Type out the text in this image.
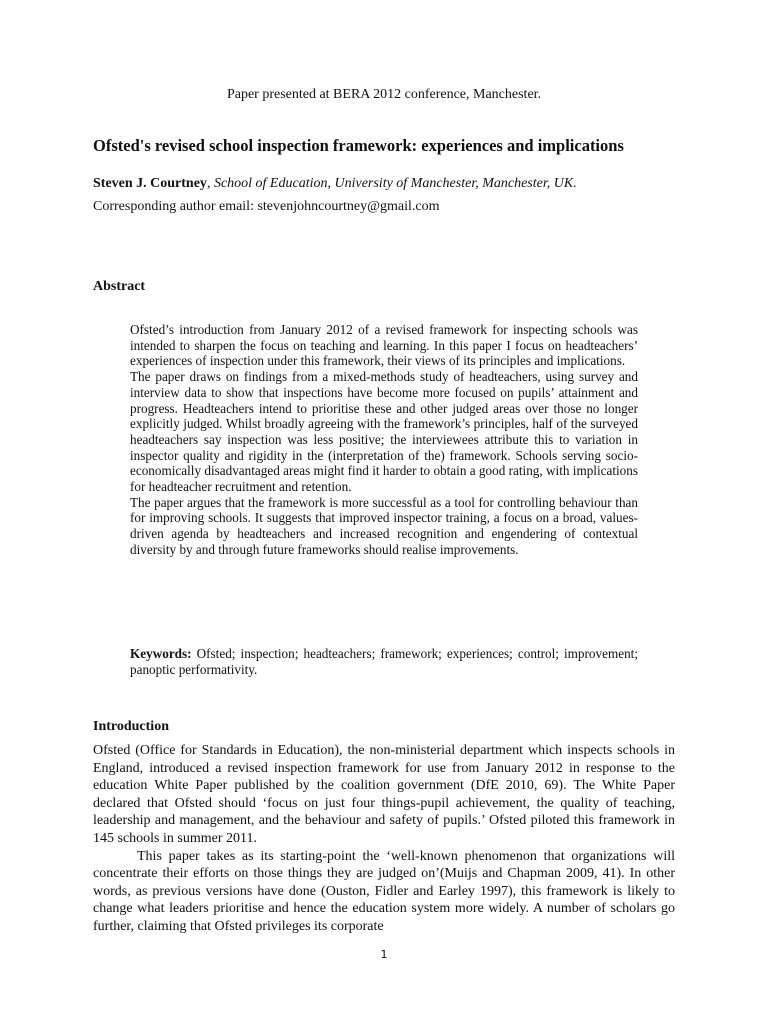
Paper presented at BERA 2012 conference, Manchester.
Ofsted's revised school inspection framework: experiences and implications
Steven J. Courtney, School of Education, University of Manchester, Manchester, UK.
Corresponding author email: stevenjohncourtney@gmail.com
Abstract

Ofsted’s introduction from January 2012 of a revised framework for inspecting schools was intended to sharpen the focus on teaching and learning. In this paper I focus on headteachers’ experiences of inspection under this framework, their views of its principles and implications.

The paper draws on findings from a mixed-methods study of headteachers, using survey and interview data to show that inspections have become more focused on pupils’ attainment and progress. Headteachers intend to prioritise these and other judged areas over those no longer explicitly judged. Whilst broadly agreeing with the framework’s principles, half of the surveyed headteachers say inspection was less positive; the interviewees attribute this to variation in inspector quality and rigidity in the (interpretation of the) framework. Schools serving socio-economically disadvantaged areas might find it harder to obtain a good rating, with implications for headteacher recruitment and retention.

The paper argues that the framework is more successful as a tool for controlling behaviour than for improving schools. It suggests that improved inspector training, a focus on a broad, values-driven agenda by headteachers and increased recognition and engendering of contextual diversity by and through future frameworks should realise improvements.

Keywords: Ofsted; inspection; headteachers; framework; experiences; control; improvement; panoptic performativity.
Introduction

Ofsted (Office for Standards in Education), the non-ministerial department which inspects schools in England, introduced a revised inspection framework for use from January 2012 in response to the education White Paper published by the coalition government (DfE 2010, 69). The White Paper declared that Ofsted should ‘focus on just four things-pupil achievement, the quality of teaching, leadership and management, and the behaviour and safety of pupils.’ Ofsted piloted this framework in 145 schools in summer 2011.

This paper takes as its starting-point the ‘well-known phenomenon that organizations will concentrate their efforts on those things they are judged on’(Muijs and Chapman 2009, 41). In other words, as previous versions have done (Ouston, Fidler and Earley 1997), this framework is likely to change what leaders prioritise and hence the education system more widely. A number of scholars go further, claiming that Ofsted privileges its corporate

1
